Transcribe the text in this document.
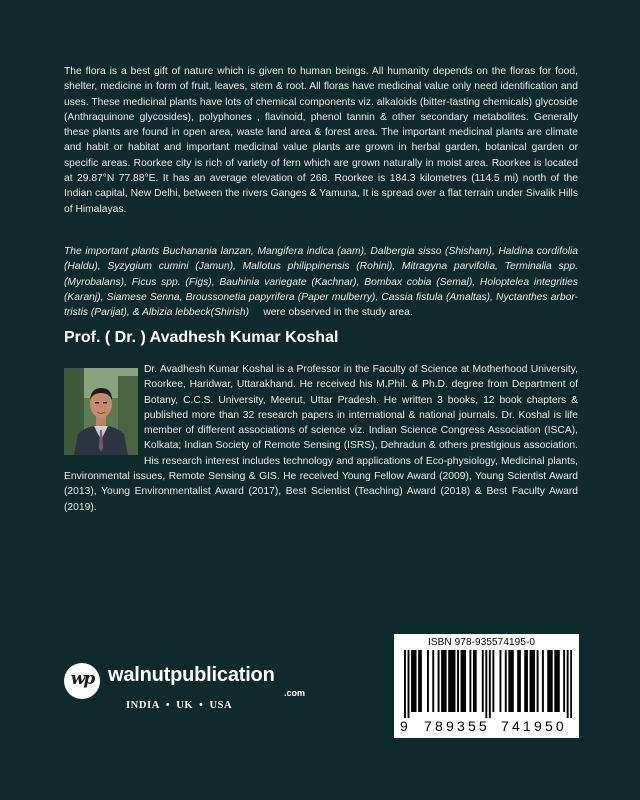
The flora is a best gift of nature which is given to human beings. All humanity depends on the floras for food, shelter, medicine in form of fruit, leaves, stem & root. All floras have medicinal value only need identification and uses. These medicinal plants have lots of chemical components viz. alkaloids (bitter-tasting chemicals) glycoside (Anthraquinone glycosides), polyphones , flavinoid, phenol tannin & other secondary metabolites. Generally these plants are found in open area, waste land area & forest area. The important medicinal plants are climate and habit or habitat and important medicinal value plants are grown in herbal garden, botanical garden or specific areas. Roorkee city is rich of variety of fern which are grown naturally in moist area. Roorkee is located at 29.87°N 77.88°E. It has an average elevation of 268. Roorkee is 184.3 kilometres (114.5 mi) north of the Indian capital, New Delhi, between the rivers Ganges & Yamuna, It is spread over a flat terrain under Sivalik Hills of Himalayas.

The important plants Buchanania lanzan, Mangifera indica (aam), Dalbergia sisso (Shisham), Haldina cordifolia (Haldu), Syzygium cumini (Jamun), Mallotus philippinensis (Rohini), Mitragyna parvifolia, Terminalia spp. (Myrobalans), Ficus spp. (Figs), Bauhinia variegate (Kachnar), Bombax cobia (Semal), Holoptelea integrities (Karanj), Siamese Senna, Broussonetia papyrifera (Paper mulberry), Cassia fistula (Amaltas), Nyctanthes arbor-tristis (Parijat), & Albizia lebbeck(Shirish) were observed in the study area.

Prof. ( Dr. ) Avadhesh Kumar Koshal

Dr. Avadhesh Kumar Koshal is a Professor in the Faculty of Science at Motherhood University, Roorkee, Haridwar, Uttarakhand. He received his M.Phil. & Ph.D. degree from Department of Botany, C.C.S. University, Meerut, Uttar Pradesh. He written 3 books, 12 book chapters & published more than 32 research papers in international & national journals. Dr. Koshal is life member of different associations of science viz. Indian Science Congress Association (ISCA), Kolkata; Indian Society of Remote Sensing (ISRS), Dehradun & others prestigious association. His research interest includes technology and applications of Eco-physiology, Medicinal plants, Environmental issues, Remote Sensing & GIS. He received Young Fellow Award (2009), Young Scientist Award (2013), Young Environmentalist Award (2017), Best Scientist (Teaching) Award (2018) & Best Faculty Award (2019).

ISBN 978-935574195-0
9 789355 741950
wp walnutpublication
.com
INDIA • UK • USA
